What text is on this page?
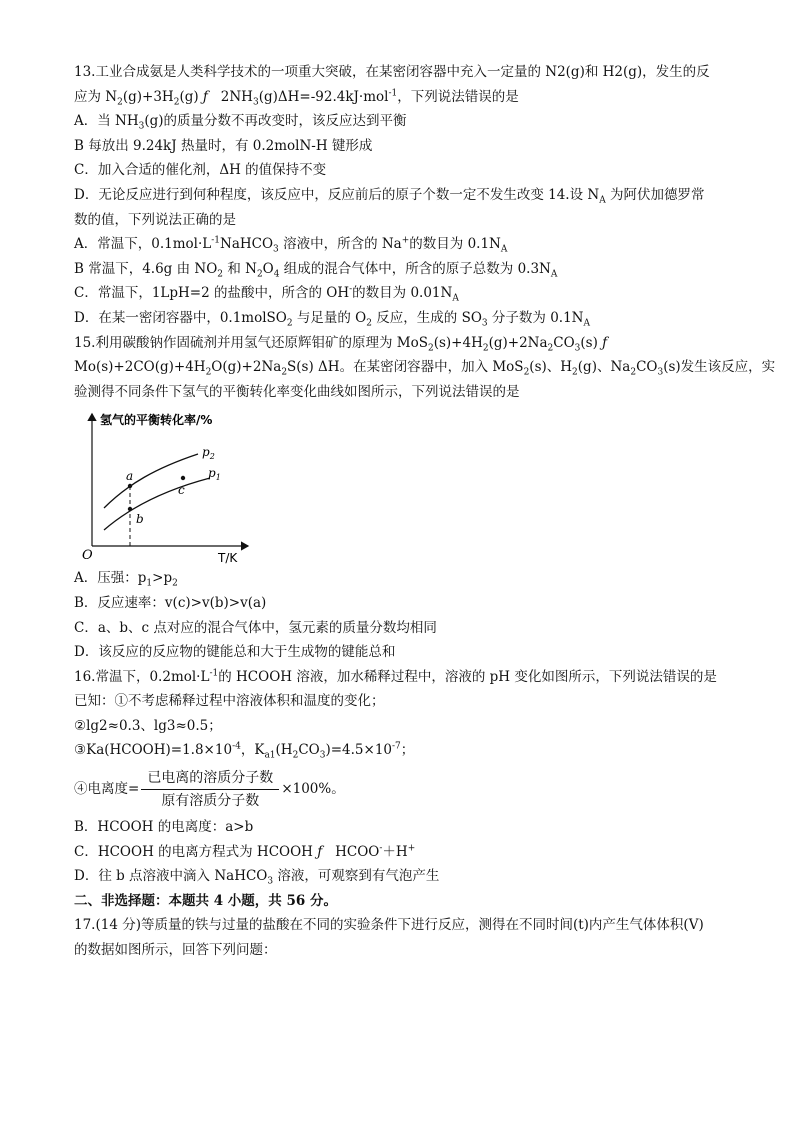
13.工业合成氨是人类科学技术的一项重大突破，在某密闭容器中充入一定量的 N2(g)和 H2(g)，发生的反
应为 $N_2(g)+3H_2(g)$ ƒ   $2NH_3(g)\Delta H=-92.4kJ\cdot mol^{-1}$，下列说法错误的是
A．当 $NH_3(g)$的质量分数不再改变时，该反应达到平衡
B 每放出 9.24kJ 热量时，有 0.2molN-H 键形成
C．加入合适的催化剂，ΔH 的值保持不变
D．无论反应进行到何种程度，该反应中，反应前后的原子个数一定不发生改变 14.设 $N_A$ 为阿伏加德罗常
数的值，下列说法正确的是
A．常温下，$0.1mol\cdot L^{-1}NaHCO_3$ 溶液中，所含的 Na+的数目为 $0.1N_A$
B 常温下，4.6g 由 $NO_2$ 和 $N_2O_4$ 组成的混合气体中，所含的原子总数为 $0.3N_A$
C．常温下，1LpH=2 的盐酸中，所含的 OH-的数目为 $0.01N_A$
D．在某一密闭容器中，0.1molSO$_2$ 与足量的 $O_2$ 反应，生成的 $SO_3$ 分子数为 $0.1N_A$
15.利用碳酸钠作固硫剂并用氢气还原辉钼矿的原理为 $MoS_2(s)+4H_2(g)+2Na_2CO_3(s)$ ƒ
$Mo(s)+2CO(g)+4H_2O(g)+2Na_2S(s)$ ΔH。在某密闭容器中，加入 MoS$_2$(s)、$H_2(g)$、$Na_2CO_3(s)$发生该反应，实
验测得不同条件下氢气的平衡转化率变化曲线如图所示，下列说法错误的是
氢气的平衡转化率/%
T/K
O
a
b
c
$p_2$
$p_1$
A．压强：$p_1>p_2$
B．反应速率：v(c)>v(b)>v(a)
C．a、b、c 点对应的混合气体中，氢元素的质量分数均相同
D．该反应的反应物的键能总和大于生成物的键能总和
16.常温下，$0.2mol\cdot L^{-1}$的 HCOOH 溶液，加水稀释过程中，溶液的 pH 变化如图所示，下列说法错误的是
已知：①不考虑稀释过程中溶液体积和温度的变化；
②lg2≈0.3、lg3≈0.5；
$③Ka(HCOOH)=1.8\times 10^{-4}$，$K_{a1}(H_2CO_3)=4.5\times 10^{-7}$；
④电离度= $\frac{\text{已电离的溶质分子数}}{\text{原有溶质分子数}} \times 100\%$。
B．HCOOH 的电离度：a>b
C．HCOOH 的电离方程式为 HCOOH ƒ   HCOO-＋H+
D．往 b 点溶液中滴入 NaHCO$_3$ 溶液，可观察到有气泡产生
二、非选择题：本题共 4 小题，共 56 分。
17.(14 分)等质量的铁与过量的盐酸在不同的实验条件下进行反应，测得在不同时间(t)内产生气体体积(V)
的数据如图所示，回答下列问题：
